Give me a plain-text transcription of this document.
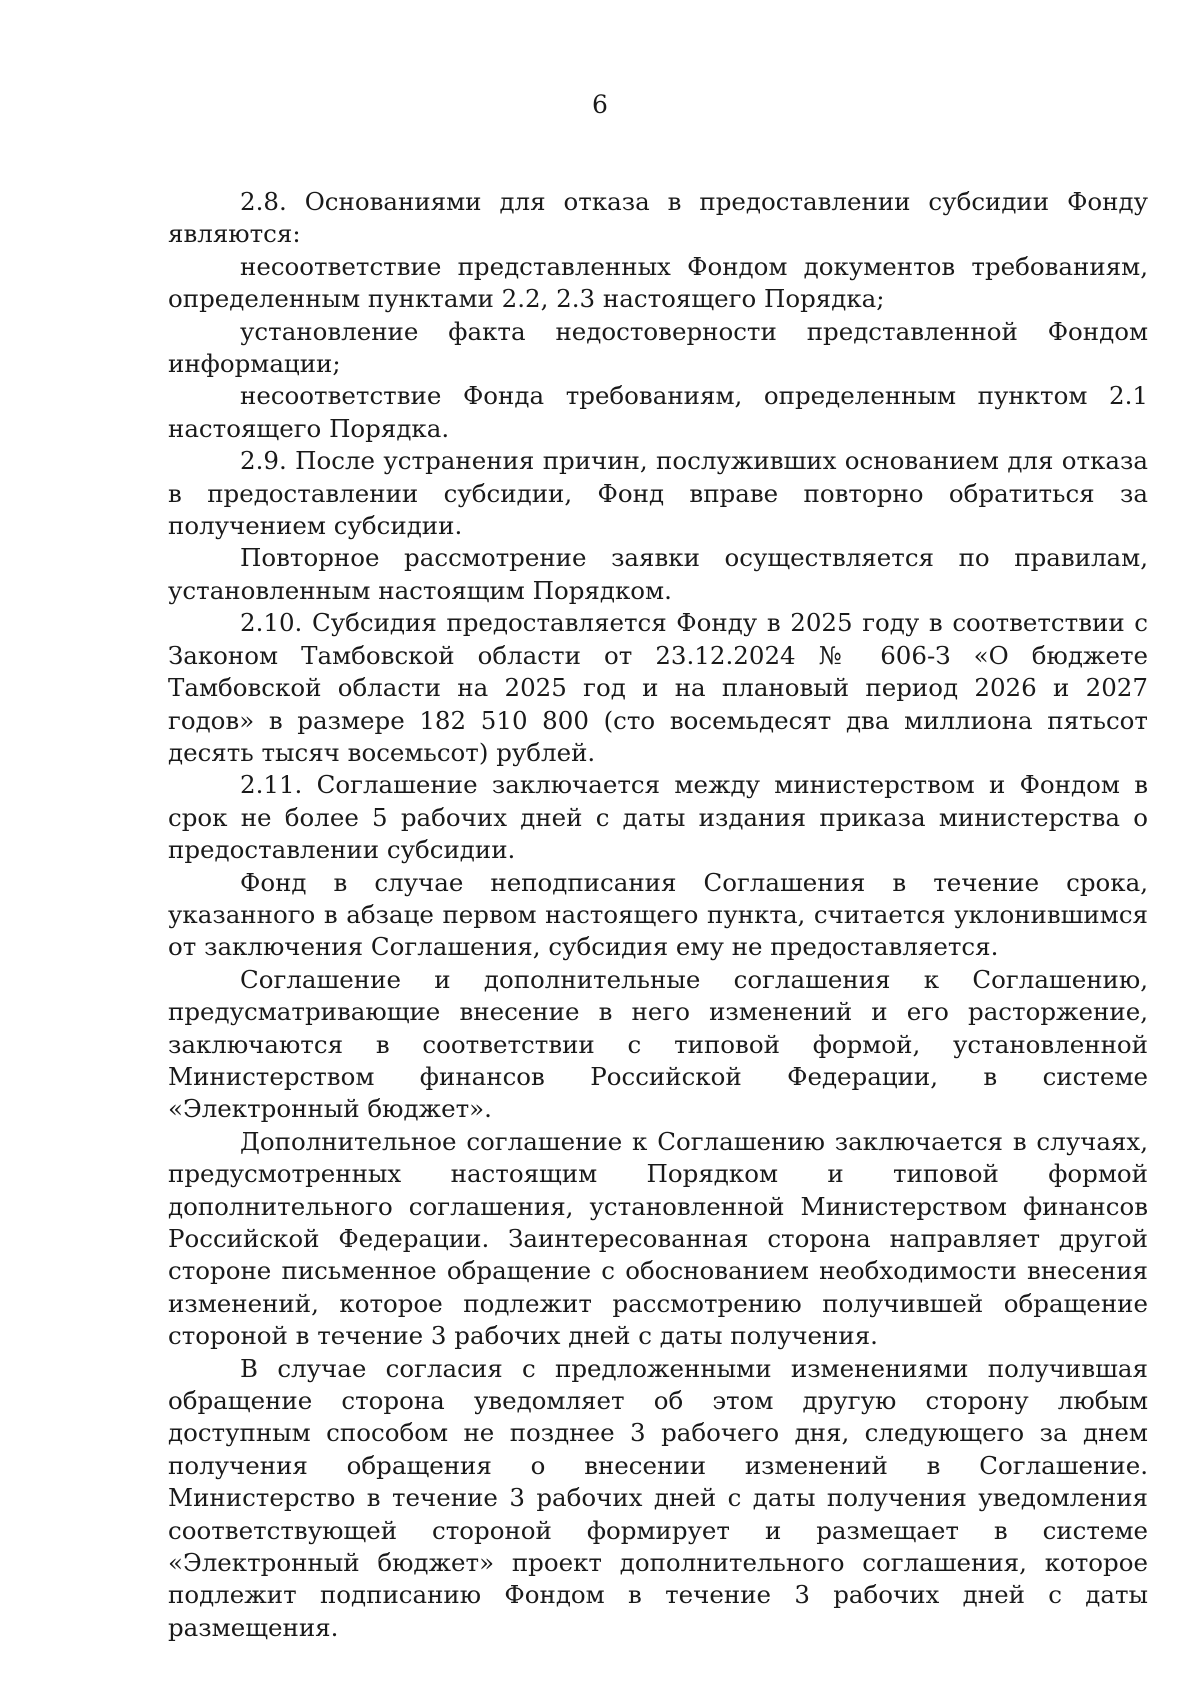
6

2.8. Основаниями для отказа в предоставлении субсидии Фонду являются:

несоответствие представленных Фондом документов требованиям, определенным пунктами 2.2, 2.3 настоящего Порядка;

установление факта недостоверности представленной Фондом информации;

несоответствие Фонда требованиям, определенным пунктом 2.1 настоящего Порядка.

2.9. После устранения причин, послуживших основанием для отказа в предоставлении субсидии, Фонд вправе повторно обратиться за получением субсидии.

Повторное рассмотрение заявки осуществляется по правилам, установленным настоящим Порядком.

2.10. Субсидия предоставляется Фонду в 2025 году в соответствии с Законом Тамбовской области от 23.12.2024 № 606-З «О бюджете Тамбовской области на 2025 год и на плановый период 2026 и 2027 годов» в размере 182 510 800 (сто восемьдесят два миллиона пятьсот десять тысяч восемьсот) рублей.

2.11. Соглашение заключается между министерством и Фондом в срок не более 5 рабочих дней с даты издания приказа министерства о предоставлении субсидии.

Фонд в случае неподписания Соглашения в течение срока, указанного в абзаце первом настоящего пункта, считается уклонившимся от заключения Соглашения, субсидия ему не предоставляется.

Соглашение и дополнительные соглашения к Соглашению, предусматривающие внесение в него изменений и его расторжение, заключаются в соответствии с типовой формой, установленной Министерством финансов Российской Федерации, в системе «Электронный бюджет».

Дополнительное соглашение к Соглашению заключается в случаях, предусмотренных настоящим Порядком и типовой формой дополнительного соглашения, установленной Министерством финансов Российской Федерации. Заинтересованная сторона направляет другой стороне письменное обращение с обоснованием необходимости внесения изменений, которое подлежит рассмотрению получившей обращение стороной в течение 3 рабочих дней с даты получения.

В случае согласия с предложенными изменениями получившая обращение сторона уведомляет об этом другую сторону любым доступным способом не позднее 3 рабочего дня, следующего за днем получения обращения о внесении изменений в Соглашение. Министерство в течение 3 рабочих дней с даты получения уведомления соответствующей стороной формирует и размещает в системе «Электронный бюджет» проект дополнительного соглашения, которое подлежит подписанию Фондом в течение 3 рабочих дней с даты размещения.
